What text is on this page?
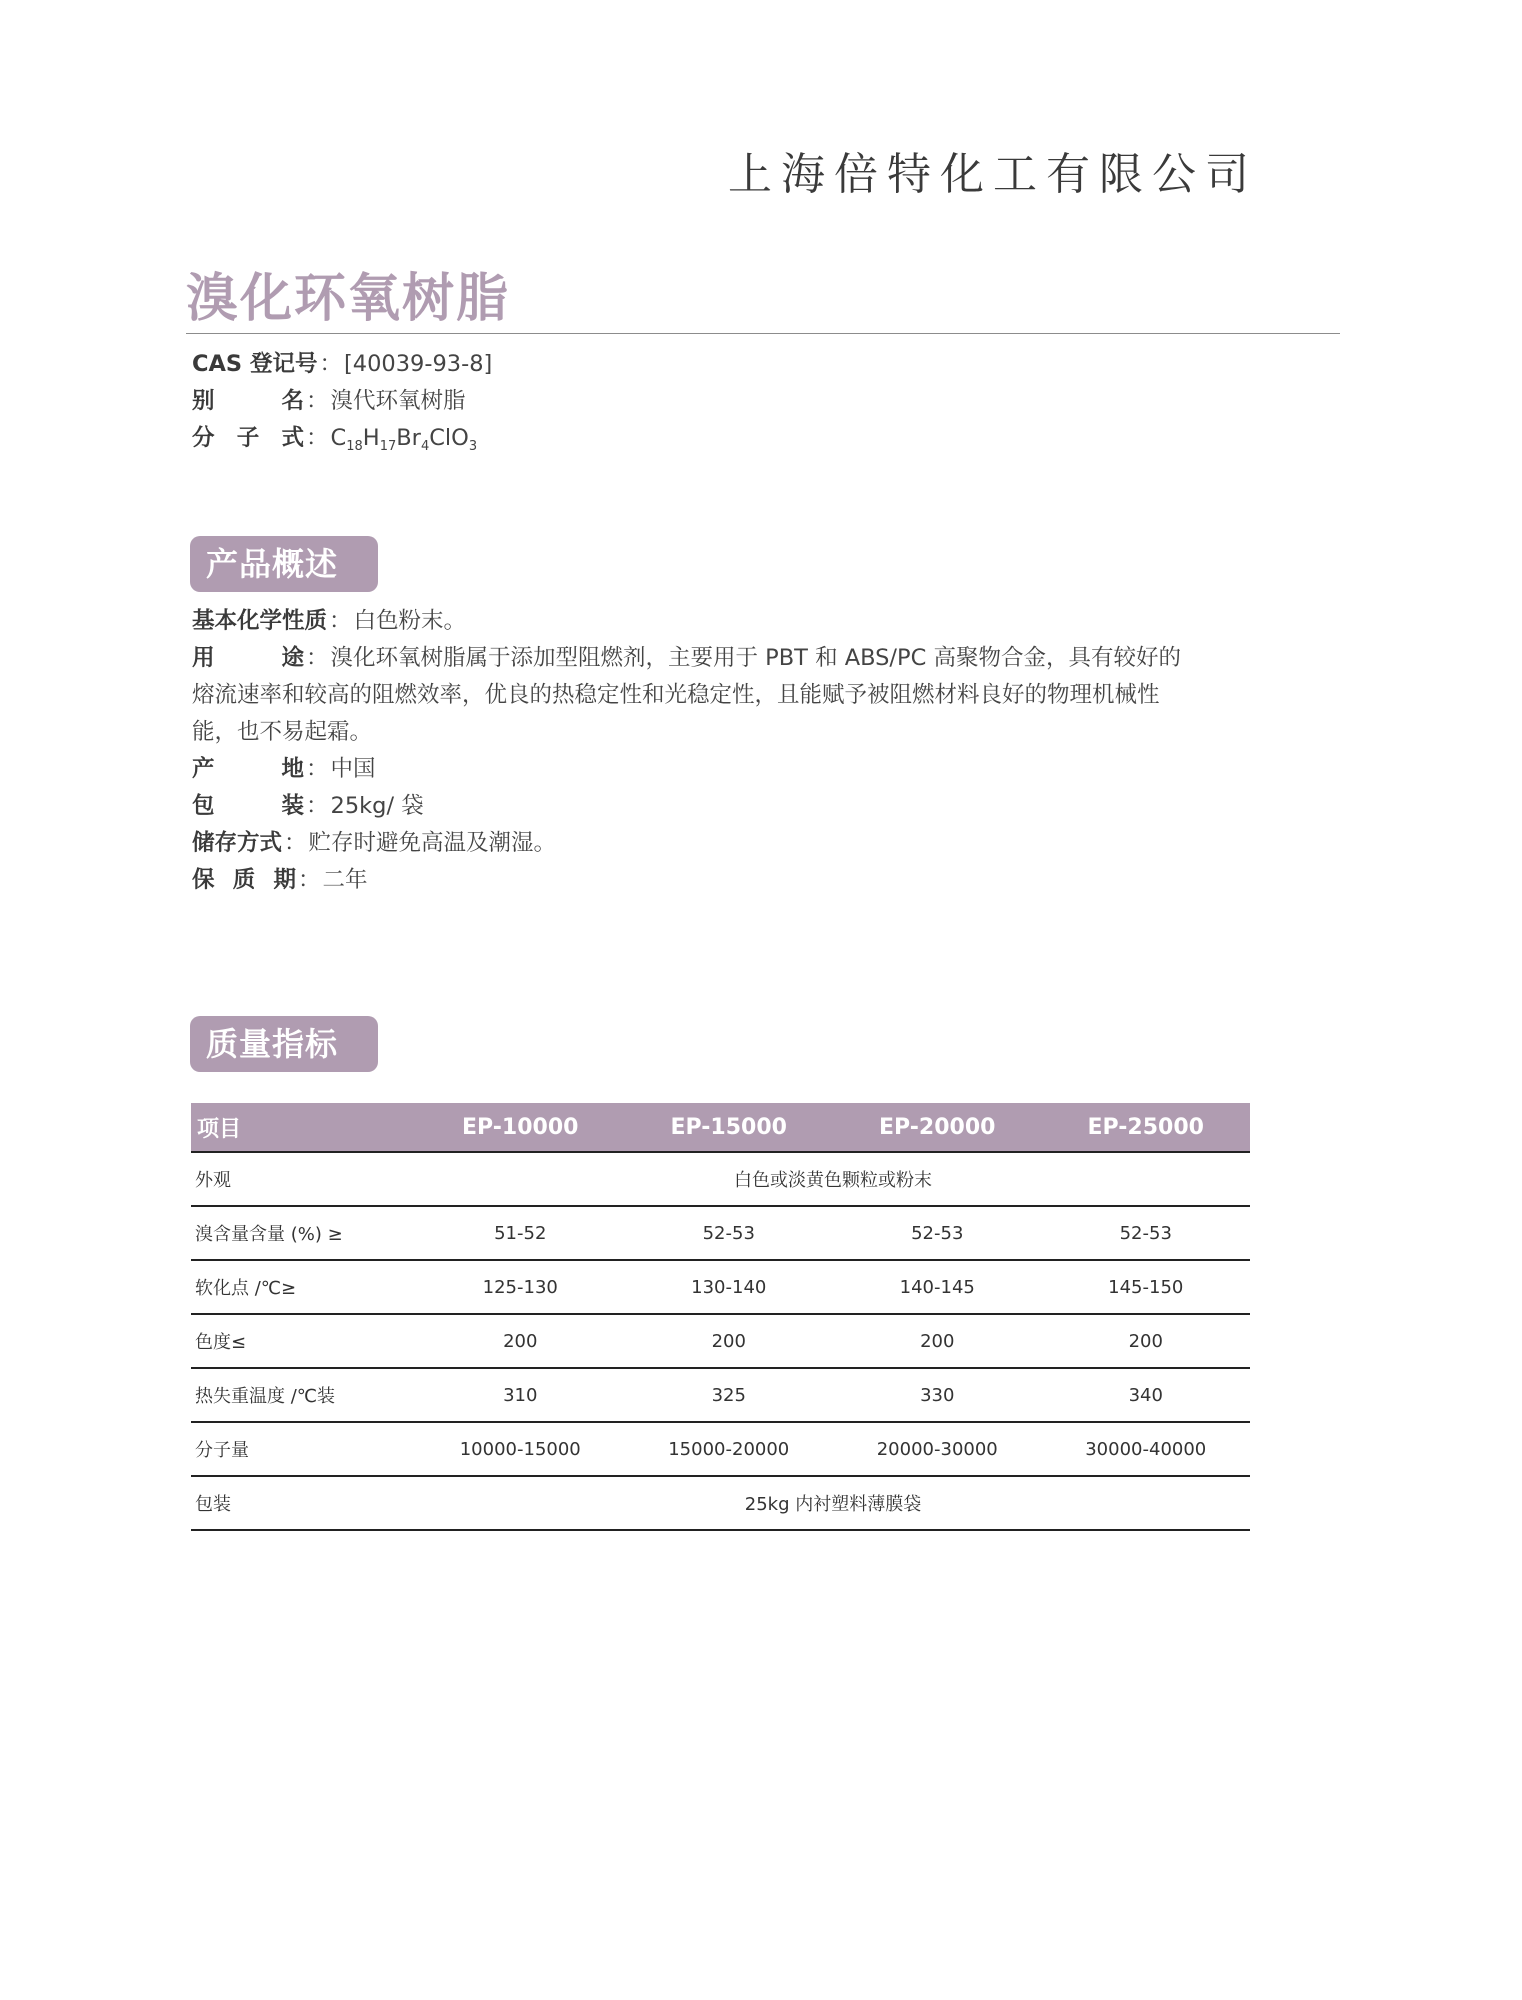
上海倍特化工有限公司
溴化环氧树脂
CAS 登记号 ： [40039-93-8]
别　名 ： 溴代环氧树脂
分 子 式 ： $C_{18}H_{17}Br_4ClO_3$
产品概述
基本化学性质：白色粉末。
用　　途：溴化环氧树脂属于添加型阻燃剂，主要用于 PBT 和 ABS/PC 高聚物合金，具有较好的
熔流速率和较高的阻燃效率，优良的热稳定性和光稳定性，且能赋予被阻燃材料良好的物理机械性
能，也不易起霜。
产　　地：中国
包　　装：25kg/ 袋
储存方式：贮存时避免高温及潮湿。
保 质 期：二年
质量指标
项目	EP-10000	EP-15000	EP-20000	EP-25000
外观	白色或淡黄色颗粒或粉末			
溴含量含量 (%) ≥	51-52	52-53	52-53	52-53
软化点 /℃≥	125-130	130-140	140-145	145-150
色度≤	200	200	200	200
热失重温度 /℃装	310	325	330	340
分子量	10000-15000	15000-20000	20000-30000	30000-40000
包装	25kg 内衬塑料薄膜袋			
